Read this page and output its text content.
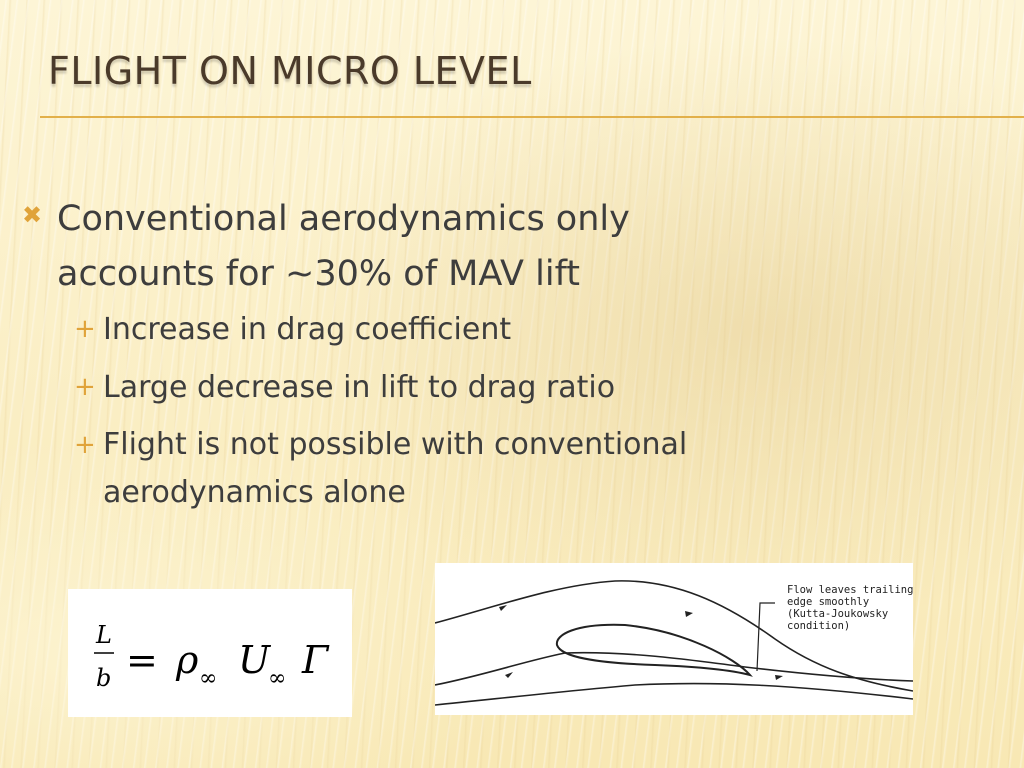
FLIGHT ON MICRO LEVEL
✖ Conventional aerodynamics only accounts for ~30% of MAV lift
+ Increase in drag coefficient
+ Large decrease in lift to drag ratio
+ Flight is not possible with conventional aerodynamics alone
L
b = ρ ∞ U
∞ Γ
Flow leaves trailing
edge smoothly
(Kutta-Joukowsky
condition)
